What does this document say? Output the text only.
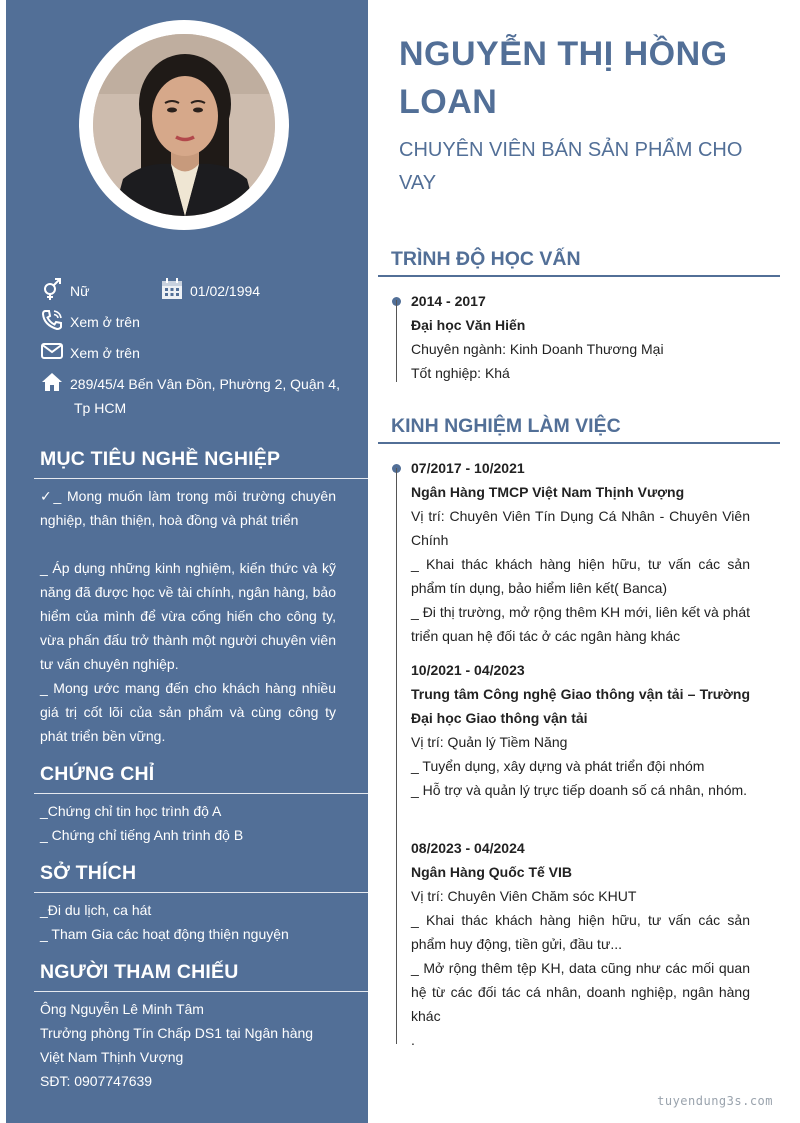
Nữ	01/02/1994
Xem ở trên
Xem ở trên
289/45/4 Bến Vân Đồn, Phường 2, Quận 4,
Tp HCM
MỤC TIÊU NGHỀ NGHIỆP

✓_ Mong muốn làm trong môi trường chuyên nghiệp, thân thiện, hoà đồng và phát triển

_ Áp dụng những kinh nghiệm, kiến thức và kỹ năng đã được học về tài chính, ngân hàng, bảo hiểm của mình để vừa cống hiến cho công ty, vừa phấn đấu trở thành một người chuyên viên tư vấn chuyên nghiệp.

_ Mong ước mang đến cho khách hàng nhiều giá trị cốt lõi của sản phẩm và cùng công ty phát triển bền vững.

CHỨNG CHỈ

_Chứng chỉ tin học trình độ A

_ Chứng chỉ tiếng Anh trình độ B

SỞ THÍCH

_Đi du lịch, ca hát

_ Tham Gia các hoạt động thiện nguyện

NGƯỜI THAM CHIẾU

Ông Nguyễn Lê Minh Tâm

Trưởng phòng Tín Chấp DS1 tại Ngân hàng Việt Nam Thịnh Vượng

SĐT: 0907747639

NGUYỄN THỊ HỒNG LOAN
CHUYÊN VIÊN BÁN SẢN PHẨM CHO VAY
TRÌNH ĐỘ HỌC VẤN

2014 - 2017

Đại học Văn Hiến

Chuyên ngành: Kinh Doanh Thương Mại

Tốt nghiệp: Khá

KINH NGHIỆM LÀM VIỆC

07/2017 - 10/2021

Ngân Hàng TMCP Việt Nam Thịnh Vượng

Vị trí: Chuyên Viên Tín Dụng Cá Nhân - Chuyên Viên Chính

_ Khai thác khách hàng hiện hữu, tư vấn các sản phẩm tín dụng, bảo hiểm liên kết( Banca)

_ Đi thị trường, mở rộng thêm KH mới, liên kết và phát triển quan hệ đối tác ở các ngân hàng khác

10/2021 - 04/2023

Trung tâm Công nghệ Giao thông vận tải – Trường Đại học Giao thông vận tải

Vị trí: Quản lý Tiềm Năng

_ Tuyển dụng, xây dựng và phát triển đội nhóm

_ Hỗ trợ và quản lý trực tiếp doanh số cá nhân, nhóm.

08/2023 - 04/2024

Ngân Hàng Quốc Tế VIB

Vị trí: Chuyên Viên Chăm sóc KHUT

_ Khai thác khách hàng hiện hữu, tư vấn các sản phẩm huy động, tiền gửi, đầu tư...

_ Mở rộng thêm tệp KH, data cũng như các mối quan hệ từ các đối tác cá nhân, doanh nghiệp, ngân hàng khác

.

tuyendung3s.com
